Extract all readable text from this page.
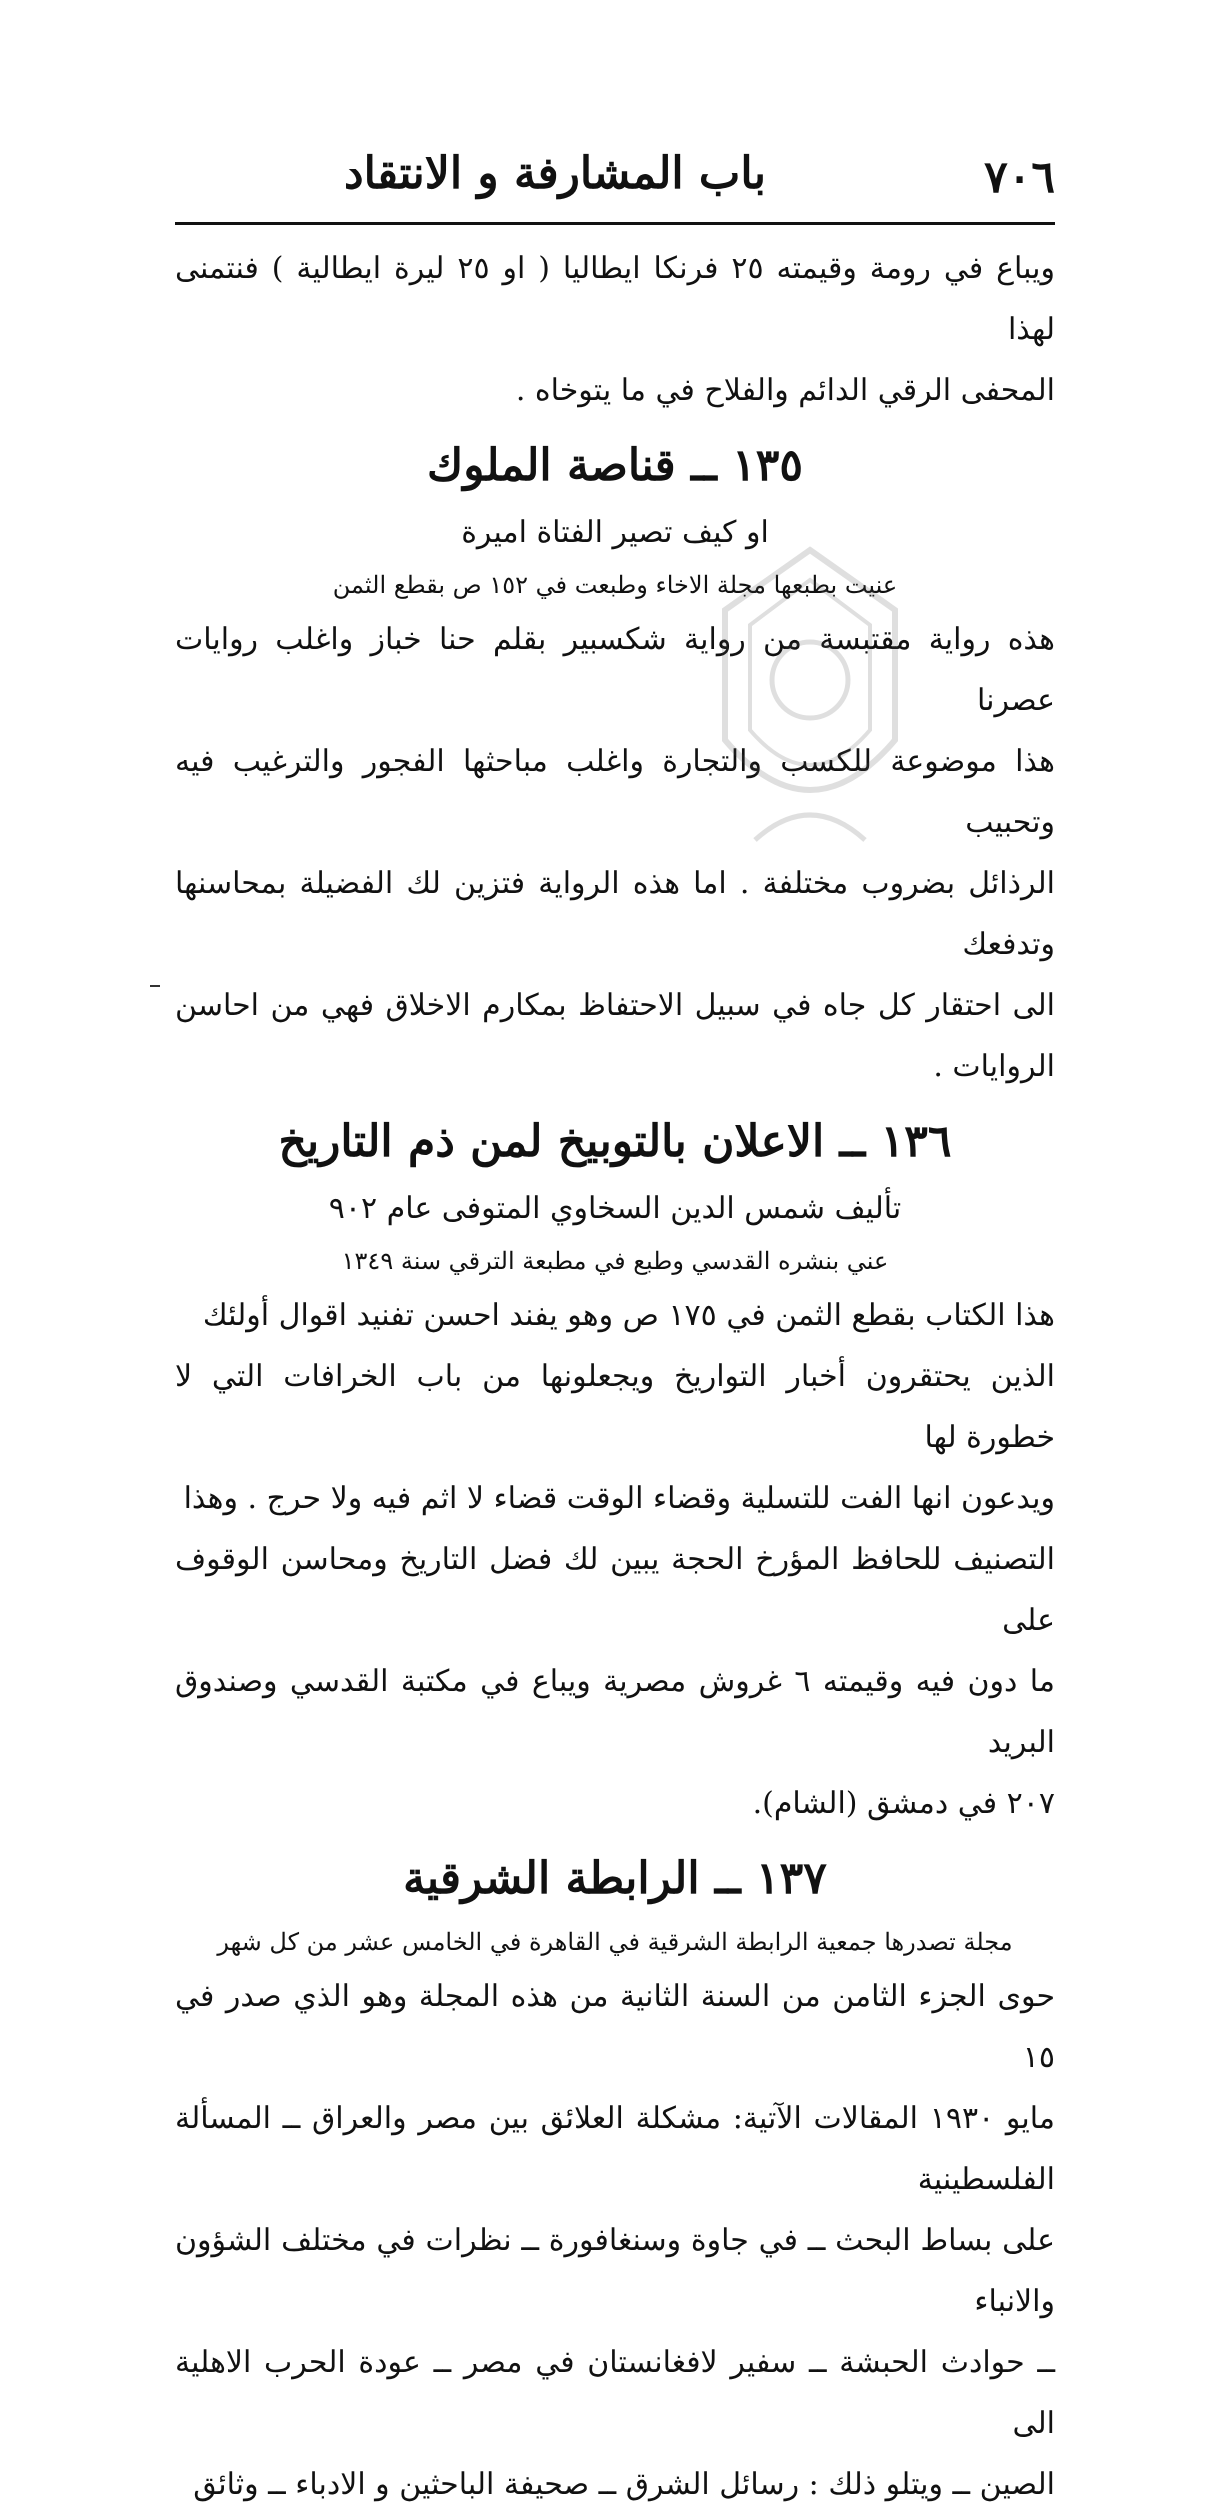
٧٠٦
باب المشارفة و الانتقاد

ويباع في رومة وقيمته ٢٥ فرنكا ايطاليا ( او ٢٥ ليرة ايطالية ) فنتمنى لهذا

المحفى الرقي الدائم والفلاح في ما يتوخاه .

١٣٥ ــ قناصة الملوك

او كيف تصير الفتاة اميرة

عنيت بطبعها مجلة الاخاء وطبعت في ١٥٢ ص بقطع الثمن

هذه رواية مقتبسة من رواية شكسبير بقلم حنا خباز واغلب روايات عصرنا

هذا موضوعة للكسب والتجارة واغلب مباحثها الفجور والترغيب فيه وتحبيب

الرذائل بضروب مختلفة . اما هذه الرواية فتزين لك الفضيلة بمحاسنها وتدفعك

الى احتقار كل جاه في سبيل الاحتفاظ بمكارم الاخلاق فهي من احاسن الروايات .

١٣٦ ــ الاعلان بالتوبيخ لمن ذم التاريخ

تأليف شمس الدين السخاوي المتوفى عام ٩٠٢

عني بنشره القدسي وطبع في مطبعة الترقي سنة ١٣٤٩

هذا الكتاب بقطع الثمن في ١٧٥ ص وهو يفند احسن تفنيد اقوال أولئك

الذين يحتقرون أخبار التواريخ ويجعلونها من باب الخرافات التي لا خطورة لها

ويدعون انها الفت للتسلية وقضاء الوقت قضاء لا اثم فيه ولا حرج . وهذا

التصنيف للحافظ المؤرخ الحجة يبين لك فضل التاريخ ومحاسن الوقوف على

ما دون فيه وقيمته ٦ غروش مصرية ويباع في مكتبة القدسي وصندوق البريد

٢٠٧ في دمشق (الشام).

١٣٧ ــ الرابطة الشرقية

مجلة تصدرها جمعية الرابطة الشرقية في القاهرة في الخامس عشر من كل شهر

حوى الجزء الثامن من السنة الثانية من هذه المجلة وهو الذي صدر في ١٥

مايو ١٩٣٠ المقالات الآتية: مشكلة العلائق بين مصر والعراق ــ المسألة الفلسطينية

على بساط البحث ــ في جاوة وسنغافورة ــ نظرات في مختلف الشؤون والانباء

ــ حوادث الحبشة ــ سفير لافغانستان في مصر ــ عودة الحرب الاهلية الى

الصين ــ ويتلو ذلك : رسائل الشرق ــ صحيفة الباحثين و الادباء ــ وثائق
